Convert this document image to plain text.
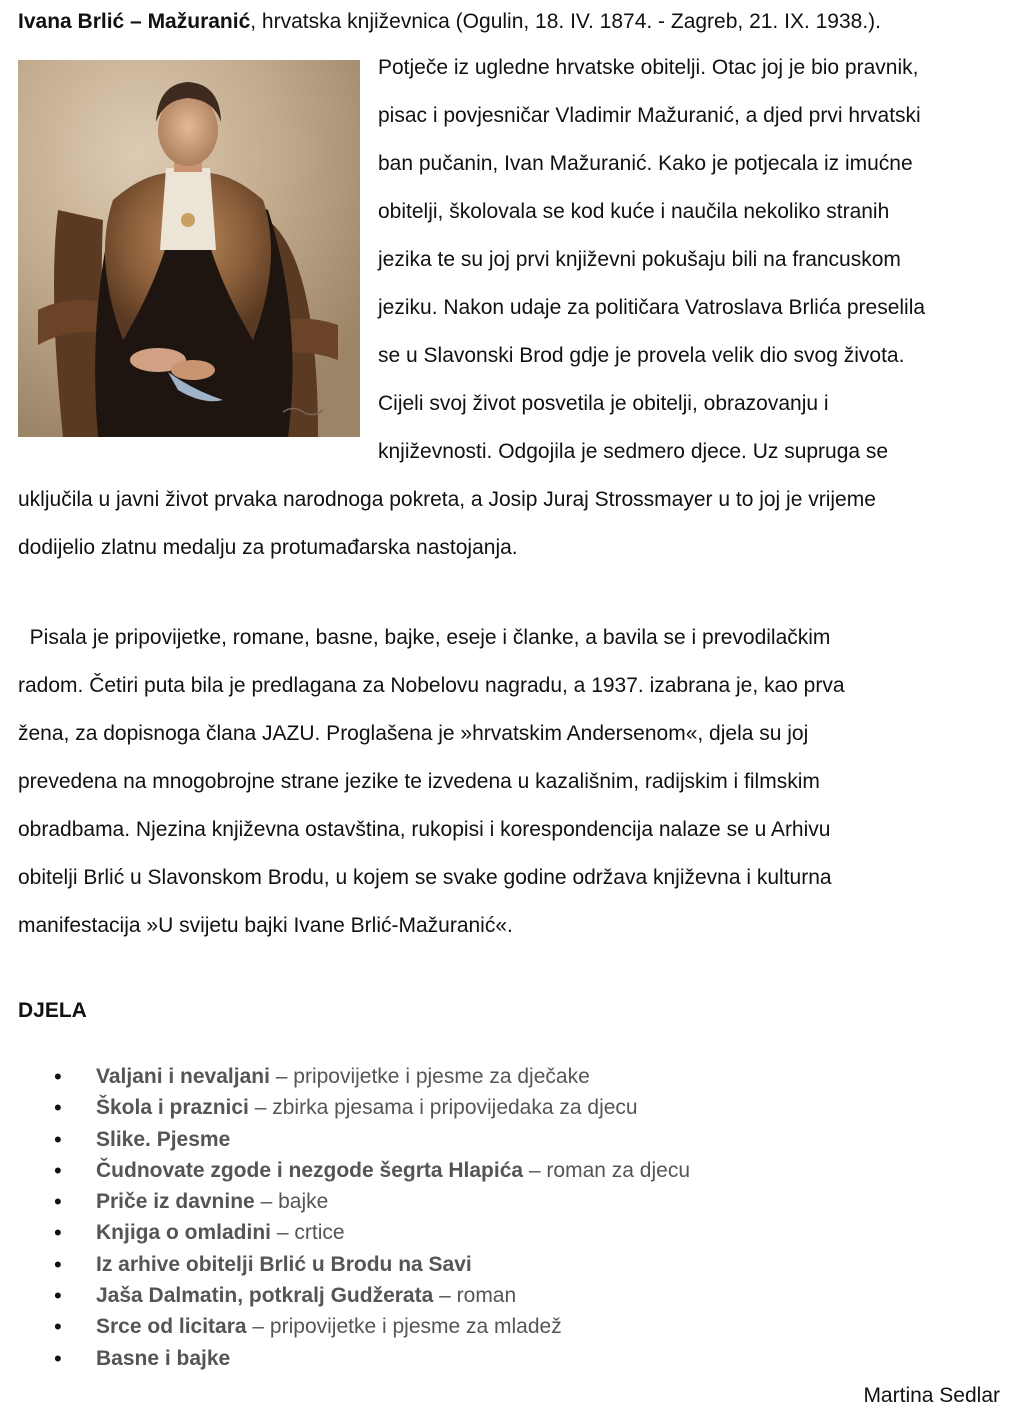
Ivana Brlić – Mažuranić, hrvatska književnica (Ogulin, 18. IV. 1874. - Zagreb, 21. IX. 1938.).
Potječe iz ugledne hrvatske obitelji. Otac joj je bio pravnik,
pisac i povjesničar Vladimir Mažuranić, a djed prvi hrvatski
ban pučanin, Ivan Mažuranić. Kako je potjecala iz imućne
obitelji, školovala se kod kuće i naučila nekoliko stranih
jezika te su joj prvi književni pokušaju bili na francuskom
jeziku. Nakon udaje za političara Vatroslava Brlića preselila
se u Slavonski Brod gdje je provela velik dio svog života.
Cijeli svoj život posvetila je obitelji, obrazovanju i
književnosti. Odgojila je sedmero djece. Uz supruga se
uključila u javni život prvaka narodnoga pokreta, a Josip Juraj Strossmayer u to joj je vrijeme
dodijelio zlatnu medalju za protumađarska nastojanja.
Pisala je pripovijetke, romane, basne, bajke, eseje i članke, a bavila se i prevodilačkim
radom. Četiri puta bila je predlagana za Nobelovu nagradu, a 1937. izabrana je, kao prva
žena, za dopisnoga člana JAZU. Proglašena je »hrvatskim Andersenom«, djela su joj
prevedena na mnogobrojne strane jezike te izvedena u kazališnim, radijskim i filmskim
obradbama. Njezina književna ostavština, rukopisi i korespondencija nalaze se u Arhivu
obitelji Brlić u Slavonskom Brodu, u kojem se svake godine održava književna i kulturna
manifestacija »U svijetu bajki Ivane Brlić-Mažuranić«.
DJELA
• Valjani i nevaljani – pripovijetke i pjesme za dječake
• Škola i praznici – zbirka pjesama i pripovijedaka za djecu
• Slike. Pjesme
• Čudnovate zgode i nezgode šegrta Hlapića – roman za djecu
• Priče iz davnine – bajke
• Knjiga o omladini – crtice
• Iz arhive obitelji Brlić u Brodu na Savi
• Jaša Dalmatin, potkralj Gudžerata – roman
• Srce od licitara – pripovijetke i pjesme za mladež
• Basne i bajke
Martina Sedlar
